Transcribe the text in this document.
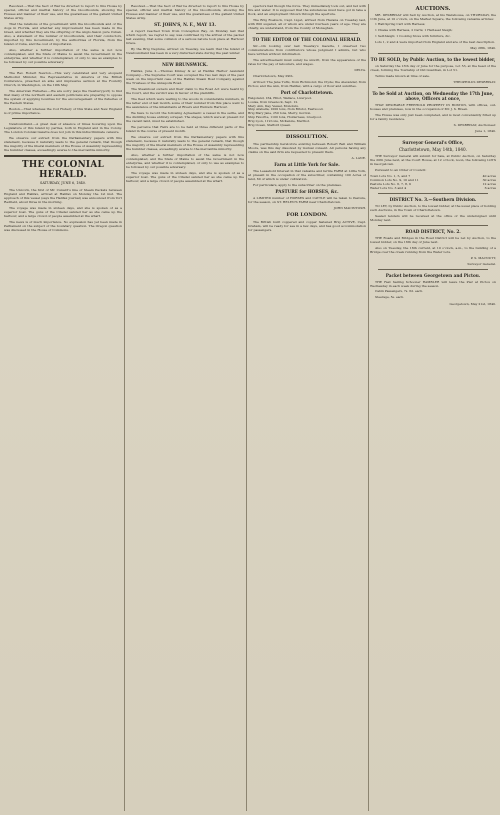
Resolved.—That the Sect of War be directed to report to this House by special, official and marital history of the bloodhounds, showing the Houses and manner of their use, and the guarantees of the gallant United States Army.

That the relations of the government with the bloodhounds and of the dogs in Florida, and whether any improvement has been made in the breed, and whether they are the offspring of the Anglo-Saxon pure Cuban. Also, a statement of the number of bloodhounds, and their conductors, imported by this Government, by the authorities of Florida, from the Island of Cuba, and the cost of importation.

Also, whether a further importation of the same is not now contemplated, and the State of Maine to assist the Government in the enterprise, and whether it is contemplated, or only to use as examples to be followed by our possible adversary.

The Rev. Robert Newton.—This very celebrated and very eloquent Methodist Minister, the Representative in America of the British Conference, preached an able and impressive sermon at the Foundry Church, in Washington, on the 19th May.

The American Fisheries.—We are sorry (says the Newburyport) to find that many of the northern and eastern politicians are preparing to oppose the system of applying bounties for the encouragement of the fisheries of the Eastern States.

Boston.—That whereas the Cod Fishery of this State and New England is of prime importance.

Newfoundland.—A great deal of absence of times hovering upon the Legislature of this Island by parties, both in England and in the Colony. The London Colonial Gazette does not join in this indiscriminate censure.

We observe our extract from the Parliamentary papers with this statement, because it naturally leads to the general remark, that though the majority of the liberal members of the House of Assembly representing the humbler classes, exceedingly averse to the mercantile minority.

THE COLONIAL HERALD.

SATURDAY, JUNE 6, 1840.

The Unicorn, the first of Mr. Cunard's line of Steam Packets between England and Halifax, arrived at Halifax on Monday the 1st inst. The approach of this vessel (says the Halifax Journal) was announced from Yort Redfield, about three in the morning.

The voyage was made in sixteen days, and she is spoken of as a superior boat. The guns of the Citadel saluted her as she came up the harbour, and a large crowd of people assembled at the wharf.

The news is of much importance. No expression has yet been made in Parliament on the subject of the boundary question. The Oregon question was discussed in the House of Commons.

Resolved.—That the Sect of War be directed to report to this House by special, official and marital history of the bloodhounds, showing the Houses and manner of their use, and the guarantees of the gallant United States Army.

ST. JOHN'S, N. F., MAY 13.

A report reached Town from Conception Bay, on Monday last that which report, we regret to say, was confirmed by the arrival of the packet last evening, that some collision of a serious nature took place at Harbour Grace.

By the Brig Neptune, arrived on Tuesday, we learn that the Island of Newfoundland has been in a very disturbed state during the past winter.

NEW BRUNSWICK.

Halifax, June 2.—Thomas Kinney & ac at Halifax Harbor Assistant Company.—The Supreme Court was occupied the two last days of the past week on the important case of the Halifax Steam Boat Company against the Trustees of the Annapolis Road.

The Steamboat owners and their claim to the Road Act were heard by the Court, and the verdict was in favour of the plaintiffs.

The fleet which were waiting to the woods in considerable numbers, in the latter end of last month, some of their number from this place went to the assistance of the inhabitants at Rivers and Hunters Harbour.

We have to record the following Agreement: a vessel in the settle, and the distilling house entirely scraped. The stages, which were at present for the vacant land, must be established.

We perceive that Fairs are to be held at three different parts of the Island in the course of present month.

We observe our extract from the Parliamentary papers with this statement, because it naturally leads to the general remark, that though the majority of the liberal members of the House of Assembly representing the humbler classes, exceedingly averse to the mercantile minority.

Also, whether a further importation of the same is not now contemplated, and the State of Maine to assist the Government in the enterprise, and whether it is contemplated, or only to use as examples to be followed by our possible adversary.

The voyage was made in sixteen days, and she is spoken of as a superior boat. The guns of the Citadel saluted her as she came up the harbour, and a large crowd of people assembled at the wharf.

spectors had though the force. They immediately took out, and fed with fire and water. It is supposed that the substances must have got in take a flock, and an employment thrown through the aperture.

The Brig Roebuck, Capt. Liget, arrived from Havana on Tuesday last, with 800 sugared, all of whom are under fourteen years of age. They are chiefly, we understand, from the County of Monaghan.

TO THE EDITOR OF THE COLONIAL HERALD.

Sir.—On looking over last Tuesday's Gazette, I observed two communications from contributors whose judgment I admire, but who have written without information.

The advertisement must surely be unwrit, from the appearance of the rates for the pay of labourers, and wages.

DELTA.

Charlottetown, May 29th.

Arrived: The Jane Tufts, from Richmond; the Clyde; the Alexander, from Pictou; and the Ann, from Halifax, with a cargo of flour and sundries.

Port of Charlottetown.
Helgoland, 164, Elliot, Wallace, Liverpool.
Louisa, from Greenock, Sept. 12.
Mary Ann, Day, Vessel, Monolulu.
Ship Arabella, 1000 tons, from Bristol, Eastwood.
Brig Mary Jane, 250 tons, Merry, Gordon.
Ship Favorite, 1100 tons, Holderness, Liverpool.
Brig Lyon, 119 tons, McKenzie, Merthot.
Brig Ocean, Stafford Queen.
DISSOLUTION.

The partnership heretofore existing between Robert Bell and William Moore, was this day dissolved by mutual consent. All persons having any claims on the said firm are requested to present them.

A. LANE.
Farm at Little York for Sale.

The Leasehold Interest in that valuable and fertile FARM at Little York, at present in the occupation of the subscriber, containing 100 Acres of land, 60 of which is under cultivation.

For particulars, apply to the subscriber on the premises.

PASTURE for HORSES, &c.

A LIMITED number of HORSES and CATTLE will be taken to Pasture, for the season, on ST. HELEN'S FARM near Charlottetown.

JOHN MACINTOSH.
FOR LONDON.

The British built coppered and copper fastened Brig ACTIVE, Capt. Graham, will be ready for sea in a few days, and has good accommodation for passengers.

AUCTIONS.

MR. DESBRISAY will Sell by Auction, at his Warehouse, on THURSDAY, the 11th June, at 10 o'clock, on the Market Square, the following valuable articles:

1 Half-Spring Cart with Harness;

1 Chaise with Harness, 2 Carts; 1 Half-seat Sleigh;

1 Self-Sleigh; 1 Cooking Stove with furniture, &c.

Lots 1, 2 and 4 were imported from England and are of the best description.

May 28th, 1840.
TO BE SOLD, by Public Auction, to the lowest bidder,

on Saturday the 13th day of June for the purpose, Lot 53, at the head of the creek, forming the Township of Old Guardian, in Lot 51.

Terms made known at time of sale.

THEOPHILUS DESBRISAY.
To be Sold at Auction, on Wednesday the 17th June, above, Officers at once,

THAT DESIRABLE FREEHOLD PROPERTY IN BOSTON, with offices, out-houses and premises, now in the occupation of Mr. J. S. Breen.

The House was only just been completed, and is most conveniently fitted up for a family residence.

S. DESBRISAY, Auctioneer.
June 1, 1840.
Surveyor General's Office,
Charlottetown, May 14th, 1840.

THE Surveyor General will submit for Sale, at Public Auction, on Saturday the 20th June next, at the Court House, at 12 o'clock, noon, the following LOTS in Georgetown.

Pursuant to an Order of Council:

Town Lots No. 1, 5, and 7	40 acres
Common Lots No. 9, 10 and 11	30 acres
Pasture Lots No. 6, 7, 8, 9	12 acres
Water Lots No. 3 and 4	6 acres
DISTRICT No. 3.—Southern Division.

TO LET, by Public Auction, to the lowest bidder, at the usual place of holding such Auctions, in the Town of Charlottetown.

Sealed tenders will be received at the office of the undersigned until Monday next.

ROAD DISTRICT, No. 2.

THE Roads and Bridges in the Road District will be Let by Auction, to the lowest bidder, on the 16th day of June next.

Also on Tuesday, the 16th current, at 10 o'clock, a.m., to the building of a Bridge over the creek running from the Water Lots.

P. S. MACNUTT,
Surveyor General.
Packet between Georgetown and Pictou.

THE Fast Sailing Schooner RAMBLER will leave the Pier at Pictou on Wednesday in each week during the season.

Cabin Passengers, 7s. 6d. each.

Steerage, 5s. each.

Georgetown, May 21st, 1840.
